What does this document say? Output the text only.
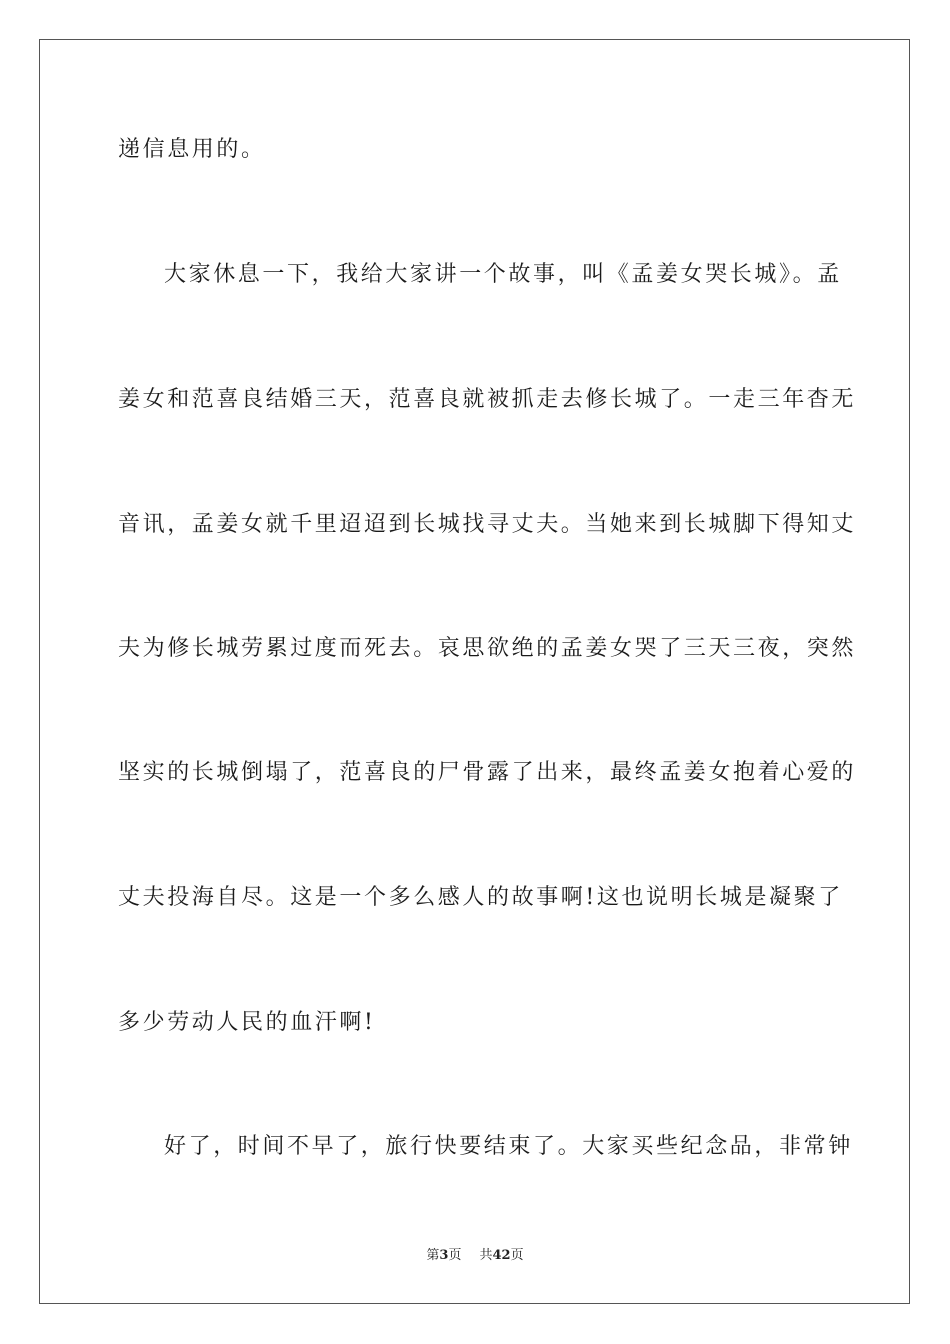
递信息用的。
大家休息一下，我给大家讲一个故事，叫《孟姜女哭长城》。孟
姜女和范喜良结婚三天，范喜良就被抓走去修长城了。一走三年杳无
音讯，孟姜女就千里迢迢到长城找寻丈夫。当她来到长城脚下得知丈
夫为修长城劳累过度而死去。哀思欲绝的孟姜女哭了三天三夜，突然
坚实的长城倒塌了，范喜良的尸骨露了出来，最终孟姜女抱着心爱的
丈夫投海自尽。这是一个多么感人的故事啊!这也说明长城是凝聚了
多少劳动人民的血汗啊!
好了，时间不早了，旅行快要结束了。大家买些纪念品，非常钟
第3页 共42页
